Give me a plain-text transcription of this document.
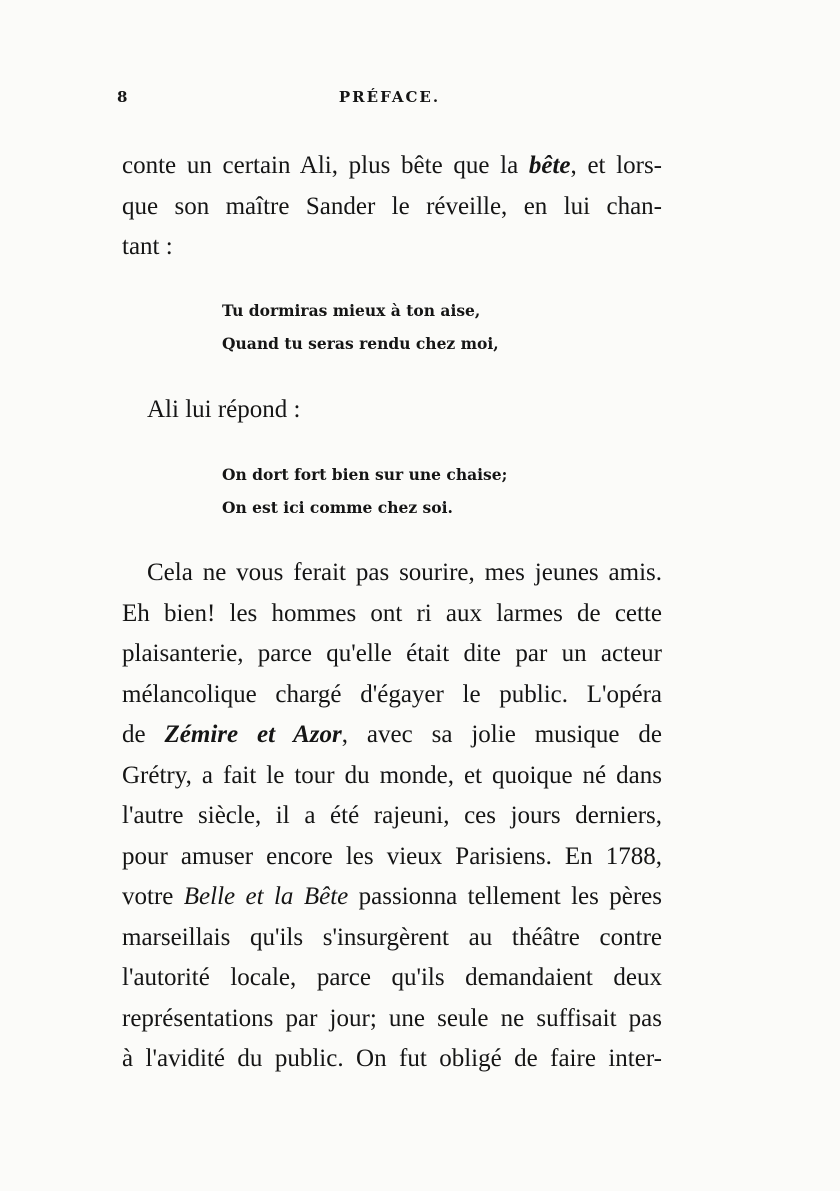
8	PRÉFACE.
conte un certain Ali, plus bête que la bête, et lors-
que son maître Sander le réveille, en lui chan-
tant :
Tu dormiras mieux à ton aise,
Quand tu seras rendu chez moi,
Ali lui répond :
On dort fort bien sur une chaise;
On est ici comme chez soi.
Cela ne vous ferait pas sourire, mes jeunes amis.
Eh bien! les hommes ont ri aux larmes de cette
plaisanterie, parce qu'elle était dite par un acteur
mélancolique chargé d'égayer le public. L'opéra
de Zémire et Azor, avec sa jolie musique de
Grétry, a fait le tour du monde, et quoique né dans
l'autre siècle, il a été rajeuni, ces jours derniers,
pour amuser encore les vieux Parisiens. En 1788,
votre Belle et la Bête passionna tellement les pères
marseillais qu'ils s'insurgèrent au théâtre contre
l'autorité locale, parce qu'ils demandaient deux
représentations par jour; une seule ne suffisait pas
à l'avidité du public. On fut obligé de faire inter-
